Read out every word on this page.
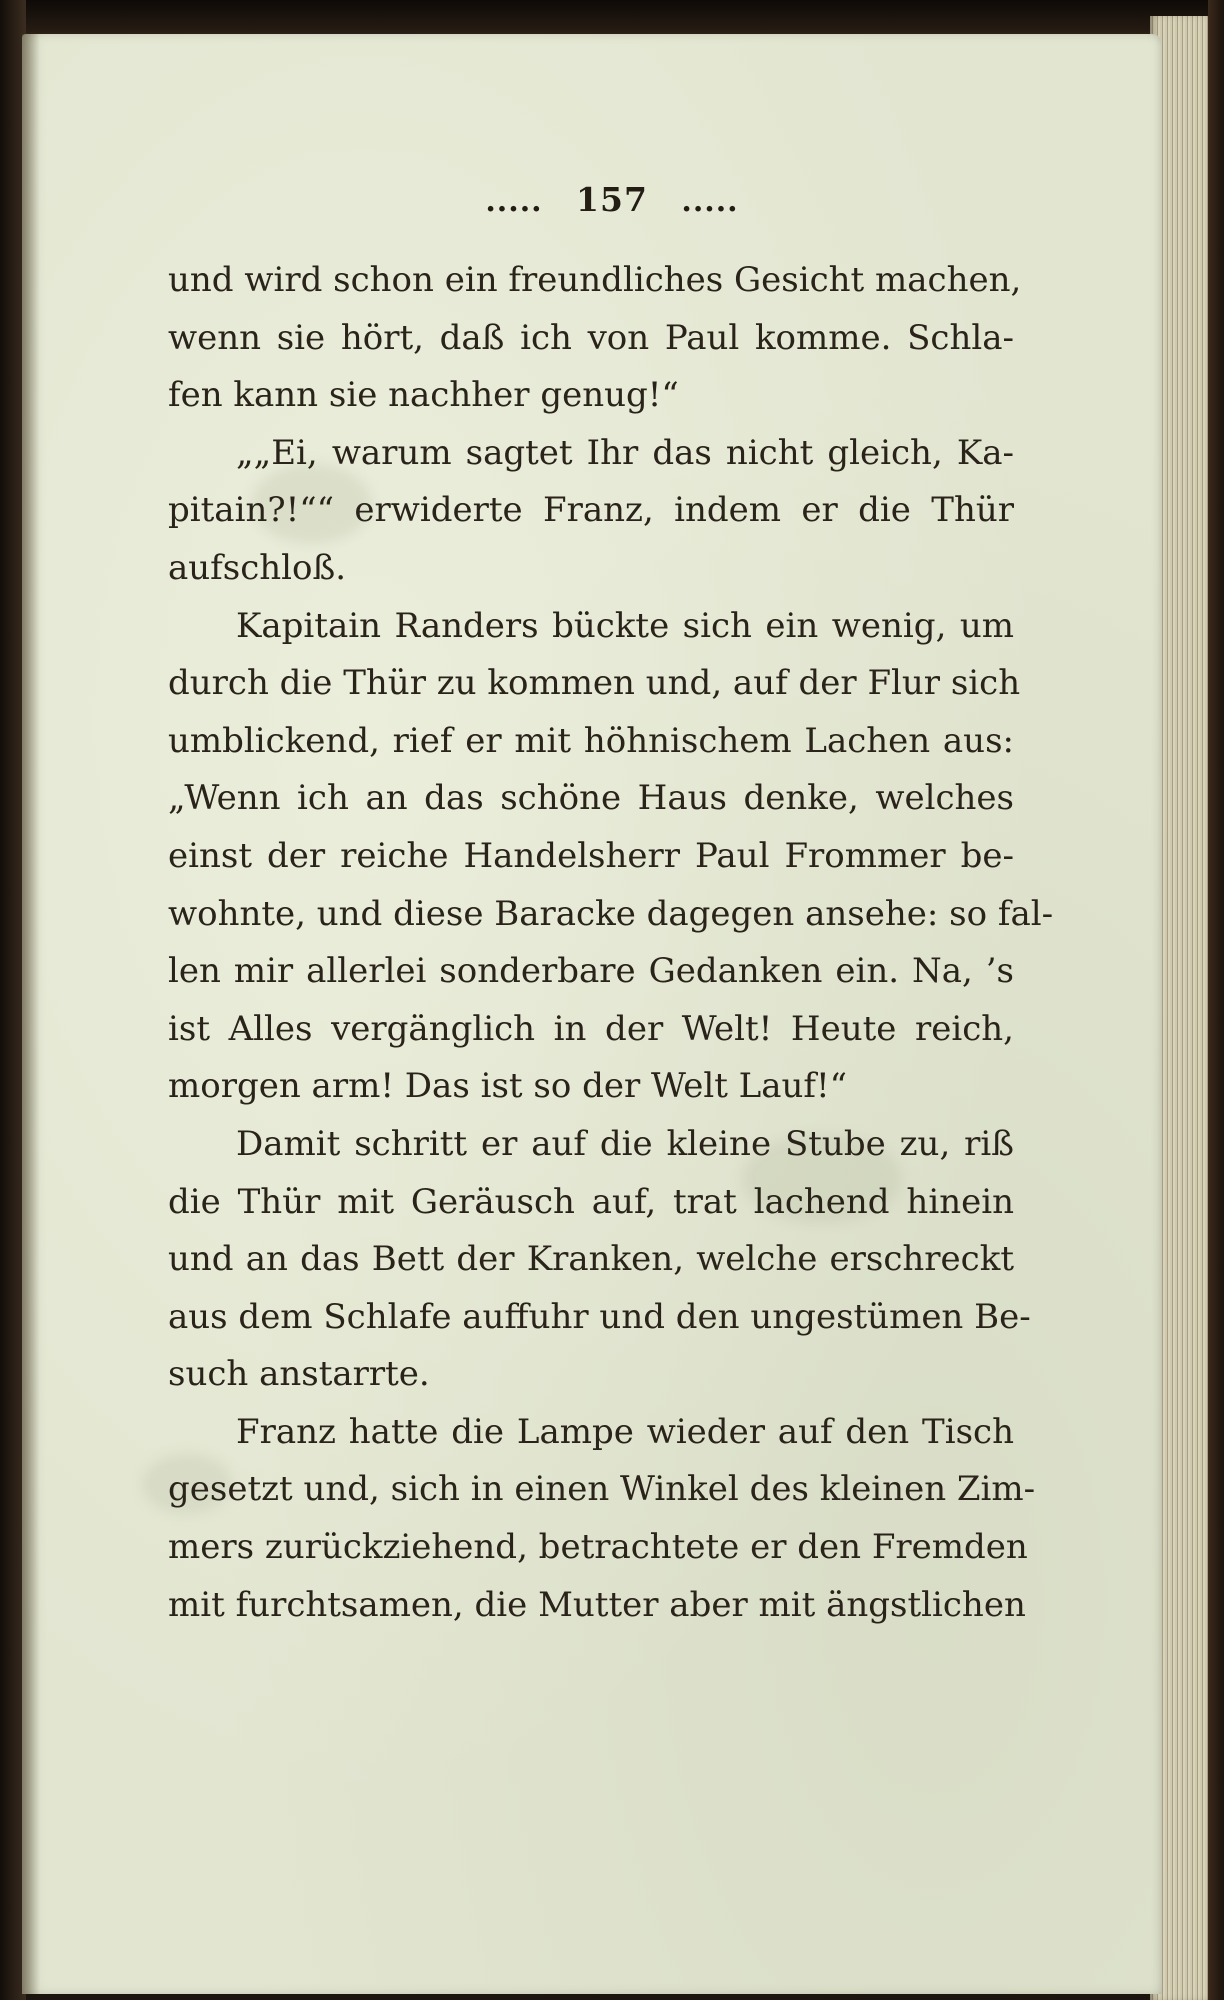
..... 157 .....
und wird schon ein freundliches Gesicht machen,
wenn sie hört, daß ich von Paul komme. Schla-
fen kann sie nachher genug!“
„„Ei, warum sagtet Ihr das nicht gleich, Ka-
pitain?!““ erwiderte Franz, indem er die Thür
aufschloß.
Kapitain Randers bückte sich ein wenig, um
durch die Thür zu kommen und, auf der Flur sich
umblickend, rief er mit höhnischem Lachen aus:
„Wenn ich an das schöne Haus denke, welches
einst der reiche Handelsherr Paul Frommer be-
wohnte, und diese Baracke dagegen ansehe: so fal-
len mir allerlei sonderbare Gedanken ein. Na, ’s
ist Alles vergänglich in der Welt! Heute reich,
morgen arm! Das ist so der Welt Lauf!“
Damit schritt er auf die kleine Stube zu, riß
die Thür mit Geräusch auf, trat lachend hinein
und an das Bett der Kranken, welche erschreckt
aus dem Schlafe auffuhr und den ungestümen Be-
such anstarrte.
Franz hatte die Lampe wieder auf den Tisch
gesetzt und, sich in einen Winkel des kleinen Zim-
mers zurückziehend, betrachtete er den Fremden
mit furchtsamen, die Mutter aber mit ängstlichen
